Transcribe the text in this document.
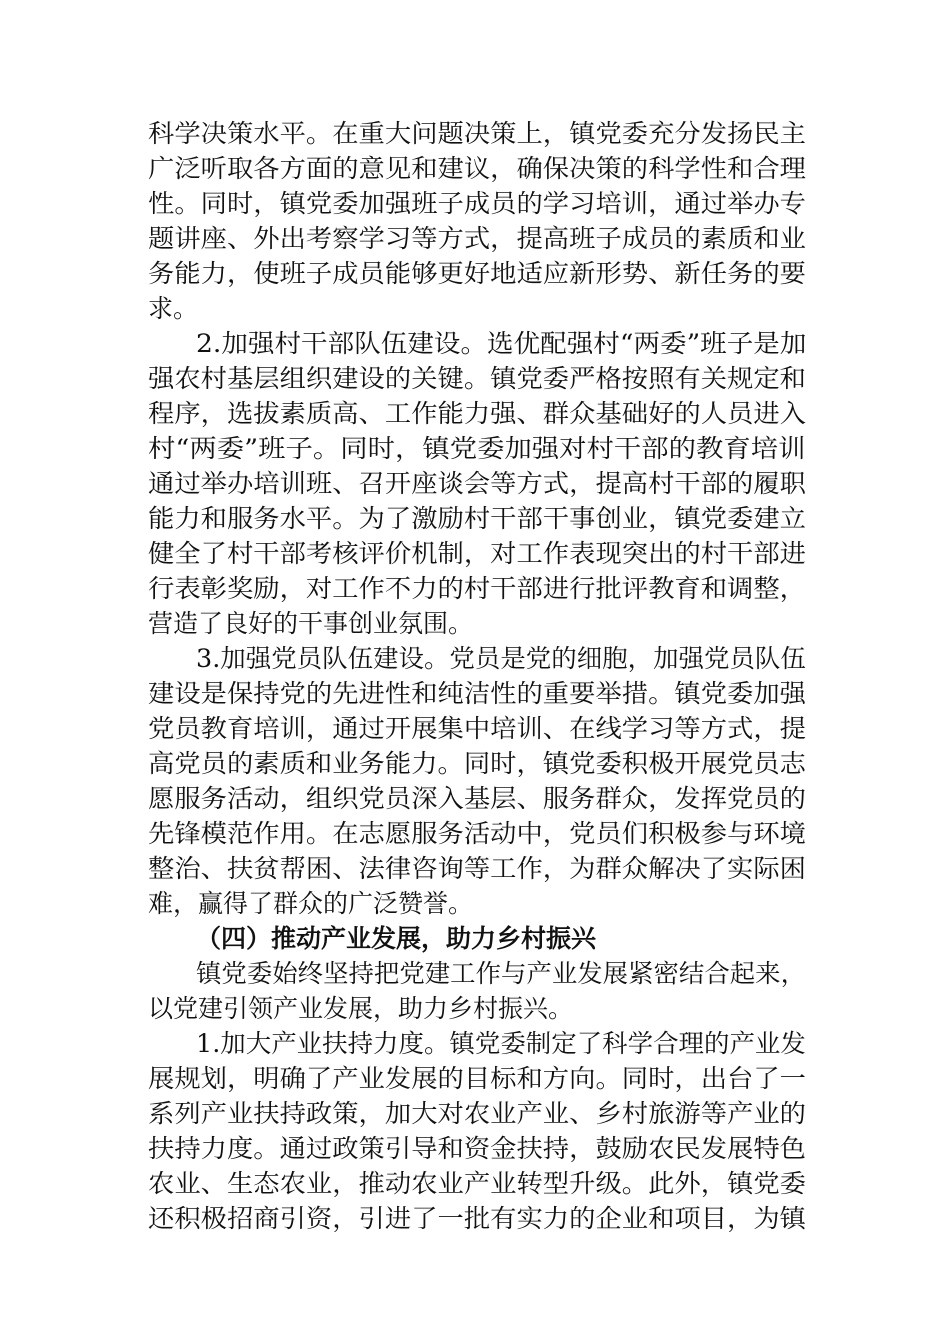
科学决策水平。在重大问题决策上，镇党委充分发扬民主
广泛听取各方面的意见和建议，确保决策的科学性和合理
性。同时，镇党委加强班子成员的学习培训，通过举办专
题讲座、外出考察学习等方式，提高班子成员的素质和业
务能力，使班子成员能够更好地适应新形势、新任务的要
求。
2.加强村干部队伍建设。选优配强村“两委”班子是加
强农村基层组织建设的关键。镇党委严格按照有关规定和
程序，选拔素质高、工作能力强、群众基础好的人员进入
村“两委”班子。同时，镇党委加强对村干部的教育培训
通过举办培训班、召开座谈会等方式，提高村干部的履职
能力和服务水平。为了激励村干部干事创业，镇党委建立
健全了村干部考核评价机制，对工作表现突出的村干部进
行表彰奖励，对工作不力的村干部进行批评教育和调整，
营造了良好的干事创业氛围。
3.加强党员队伍建设。党员是党的细胞，加强党员队伍
建设是保持党的先进性和纯洁性的重要举措。镇党委加强
党员教育培训，通过开展集中培训、在线学习等方式，提
高党员的素质和业务能力。同时，镇党委积极开展党员志
愿服务活动，组织党员深入基层、服务群众，发挥党员的
先锋模范作用。在志愿服务活动中，党员们积极参与环境
整治、扶贫帮困、法律咨询等工作，为群众解决了实际困
难，赢得了群众的广泛赞誉。
（四）推动产业发展，助力乡村振兴
镇党委始终坚持把党建工作与产业发展紧密结合起来，
以党建引领产业发展，助力乡村振兴。
1.加大产业扶持力度。镇党委制定了科学合理的产业发
展规划，明确了产业发展的目标和方向。同时，出台了一
系列产业扶持政策，加大对农业产业、乡村旅游等产业的
扶持力度。通过政策引导和资金扶持，鼓励农民发展特色
农业、生态农业，推动农业产业转型升级。此外，镇党委
还积极招商引资，引进了一批有实力的企业和项目，为镇
